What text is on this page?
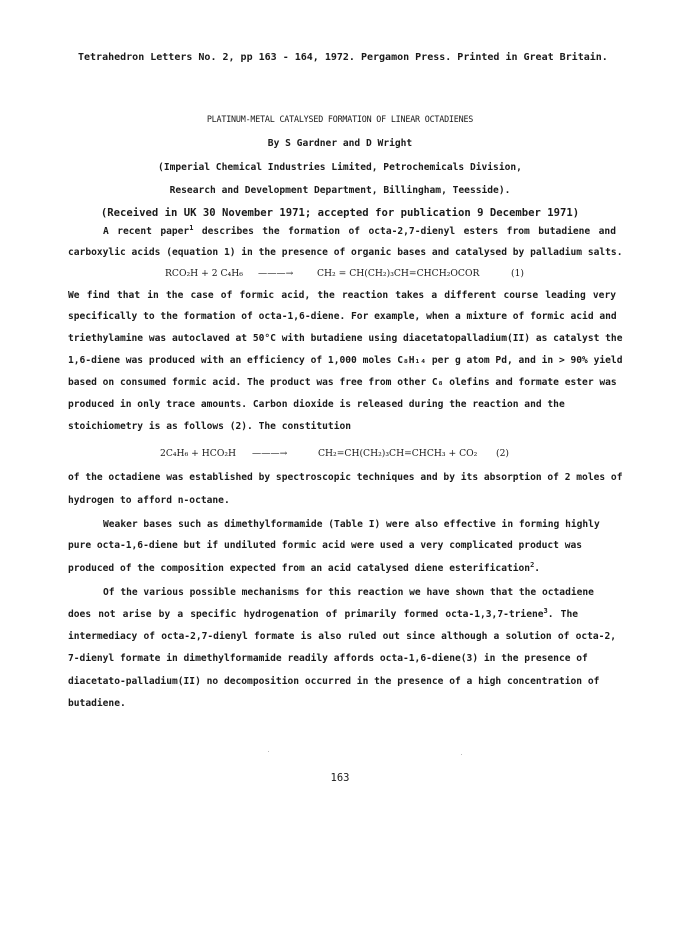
Tetrahedron Letters No. 2, pp 163 - 164, 1972. Pergamon Press. Printed in Great Britain.
PLATINUM-METAL CATALYSED FORMATION OF LINEAR OCTADIENES
By S Gardner and D Wright
(Imperial Chemical Industries Limited, Petrochemicals Division,
Research and Development Department, Billingham, Teesside).
(Received in UK 30 November 1971; accepted for publication 9 December 1971)
A recent paper$^1$ describes the formation of octa-2,7-dienyl esters from butadiene and
carboxylic acids (equation 1) in the presence of organic bases and catalysed by palladium salts.
RCO₂H + 2 C₄H₆ ———→	CH₂ = CH(CH₂)₃CH=CHCH₂OCOR	(1)
We find that in the case of formic acid, the reaction takes a different course leading very
specifically to the formation of octa-1,6-diene. For example, when a mixture of formic acid and
triethylamine was autoclaved at 50°C with butadiene using diacetatopalladium(II) as catalyst the
1,6-diene was produced with an efficiency of 1,000 moles C₈H₁₄ per g atom Pd, and in > 90% yield
based on consumed formic acid. The product was free from other C₈ olefins and formate ester was
produced in only trace amounts. Carbon dioxide is released during the reaction and the
stoichiometry is as follows (2). The constitution
2C₄H₆ + HCO₂H ———→	CH₂=CH(CH₂)₃CH=CHCH₃ + CO₂ (2)
of the octadiene was established by spectroscopic techniques and by its absorption of 2 moles of
hydrogen to afford n-octane.
Weaker bases such as dimethylformamide (Table I) were also effective in forming highly
pure octa-1,6-diene but if undiluted formic acid were used a very complicated product was
produced of the composition expected from an acid catalysed diene esterification$^2$.
Of the various possible mechanisms for this reaction we have shown that the octadiene
does not arise by a specific hydrogenation of primarily formed octa-1,3,7-triene$^3$. The
intermediacy of octa-2,7-dienyl formate is also ruled out since although a solution of octa-2,
7-dienyl formate in dimethylformamide readily affords octa-1,6-diene(3) in the presence of
diacetato-palladium(II) no decomposition occurred in the presence of a high concentration of
butadiene.
163
